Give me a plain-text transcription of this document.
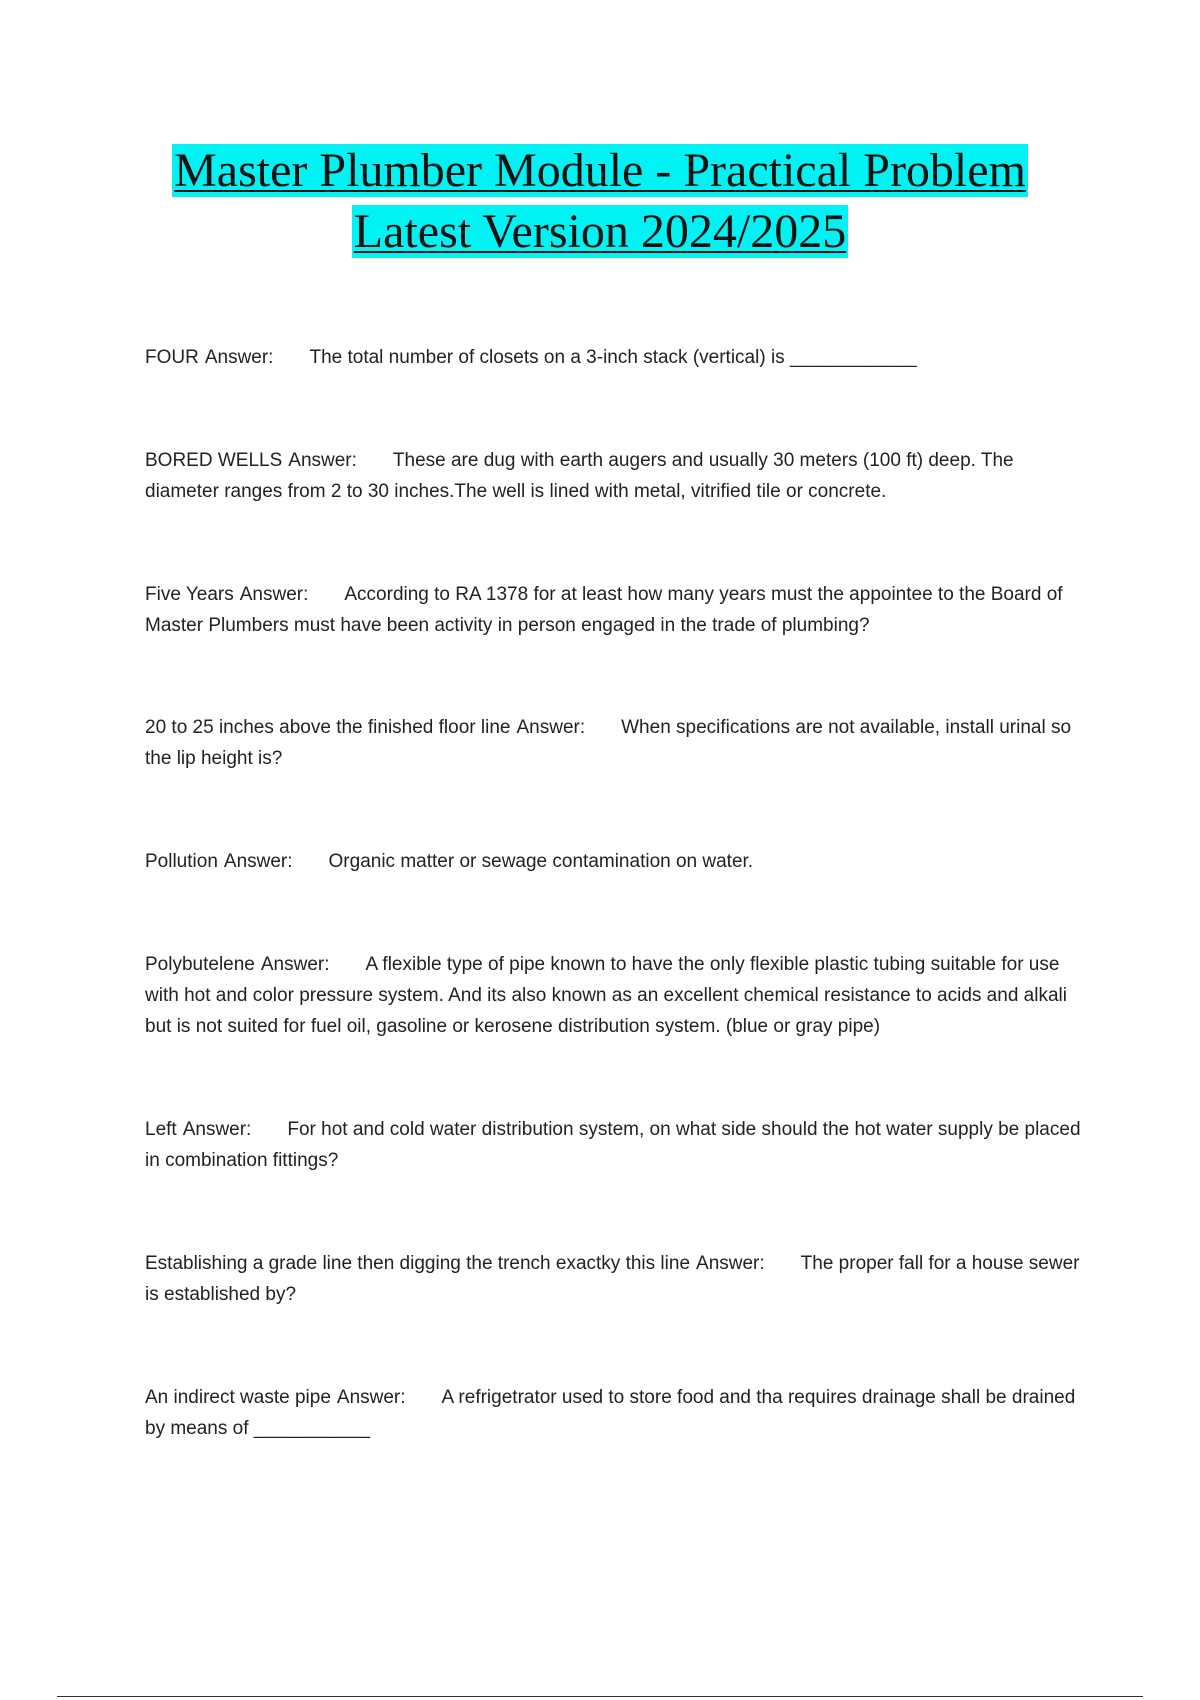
Master Plumber Module - Practical Problem
Latest Version 2024/2025
FOUR Answer: The total number of closets on a 3-inch stack (vertical) is ____________
BORED WELLS Answer: These are dug with earth augers and usually 30 meters (100 ft) deep. The diameter ranges from 2 to 30 inches.The well is lined with metal, vitrified tile or concrete.
Five Years Answer: According to RA 1378 for at least how many years must the appointee to the Board of Master Plumbers must have been activity in person engaged in the trade of plumbing?
20 to 25 inches above the finished floor line Answer: When specifications are not available, install urinal so the lip height is?
Pollution Answer: Organic matter or sewage contamination on water.
Polybutelene Answer: A flexible type of pipe known to have the only flexible plastic tubing suitable for use with hot and color pressure system. And its also known as an excellent chemical resistance to acids and alkali but is not suited for fuel oil, gasoline or kerosene distribution system. (blue or gray pipe)
Left Answer: For hot and cold water distribution system, on what side should the hot water supply be placed in combination fittings?
Establishing a grade line then digging the trench exactky this line Answer: The proper fall for a house sewer is established by?
An indirect waste pipe Answer: A refrigetrator used to store food and tha requires drainage shall be drained by means of ___________
